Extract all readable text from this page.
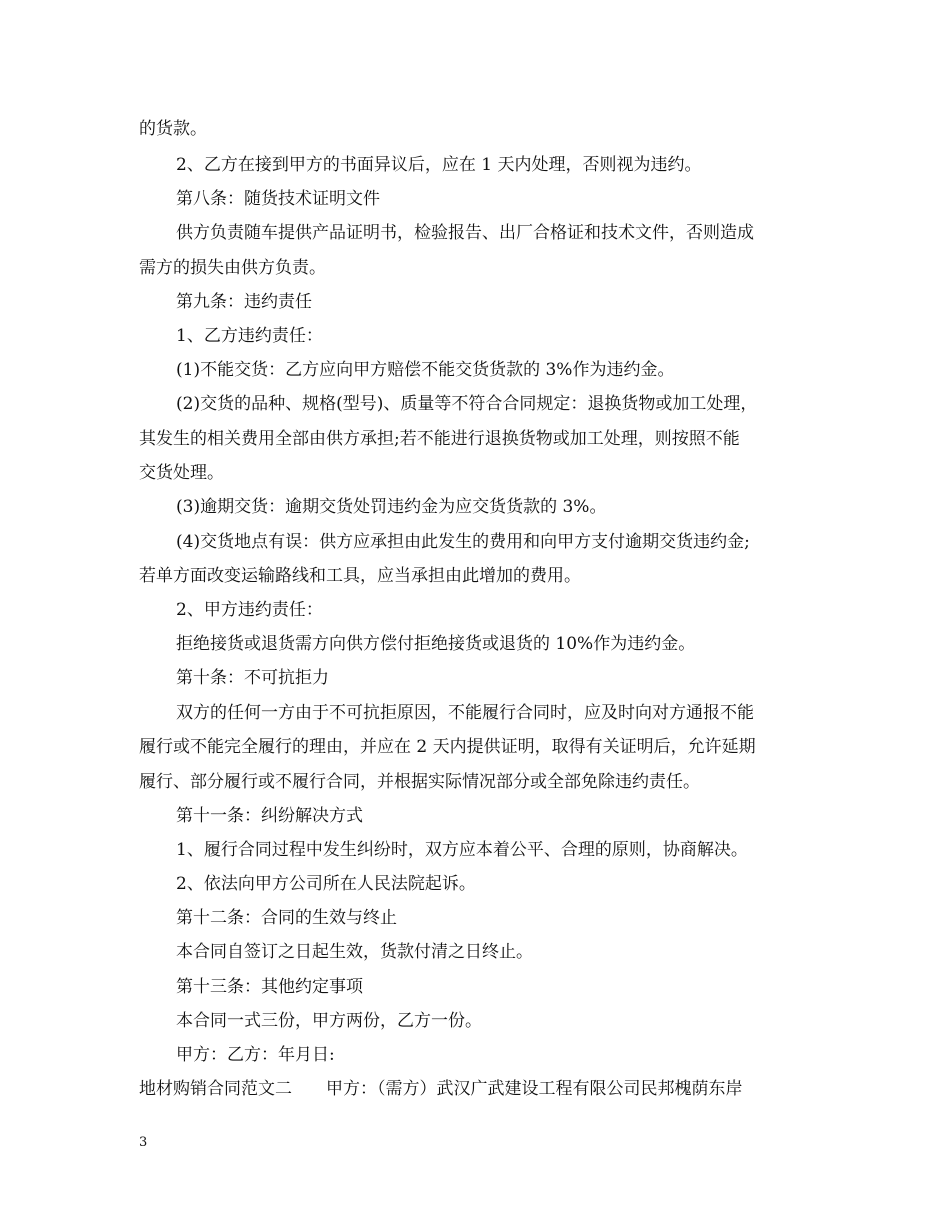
的货款。
2、乙方在接到甲方的书面异议后，应在 1 天内处理，否则视为违约。
第八条：随货技术证明文件
供方负责随车提供产品证明书，检验报告、出厂合格证和技术文件，否则造成
需方的损失由供方负责。
第九条：违约责任
1、乙方违约责任：
(1)不能交货：乙方应向甲方赔偿不能交货货款的 3%作为违约金。
(2)交货的品种、规格(型号)、质量等不符合合同规定：退换货物或加工处理，
其发生的相关费用全部由供方承担;若不能进行退换货物或加工处理，则按照不能
交货处理。
(3)逾期交货：逾期交货处罚违约金为应交货货款的 3%。
(4)交货地点有误：供方应承担由此发生的费用和向甲方支付逾期交货违约金;
若单方面改变运输路线和工具，应当承担由此增加的费用。
2、甲方违约责任：
拒绝接货或退货需方向供方偿付拒绝接货或退货的 10%作为违约金。
第十条：不可抗拒力
双方的任何一方由于不可抗拒原因，不能履行合同时，应及时向对方通报不能
履行或不能完全履行的理由，并应在 2 天内提供证明，取得有关证明后，允许延期
履行、部分履行或不履行合同，并根据实际情况部分或全部免除违约责任。
第十一条：纠纷解决方式
1、履行合同过程中发生纠纷时，双方应本着公平、合理的原则，协商解决。
2、依法向甲方公司所在人民法院起诉。
第十二条：合同的生效与终止
本合同自签订之日起生效，货款付清之日终止。
第十三条：其他约定事项
本合同一式三份，甲方两份，乙方一份。
甲方：乙方：年月日:
地材购销合同范文二　　甲方：（需方）武汉广武建设工程有限公司民邦槐荫东岸
3
